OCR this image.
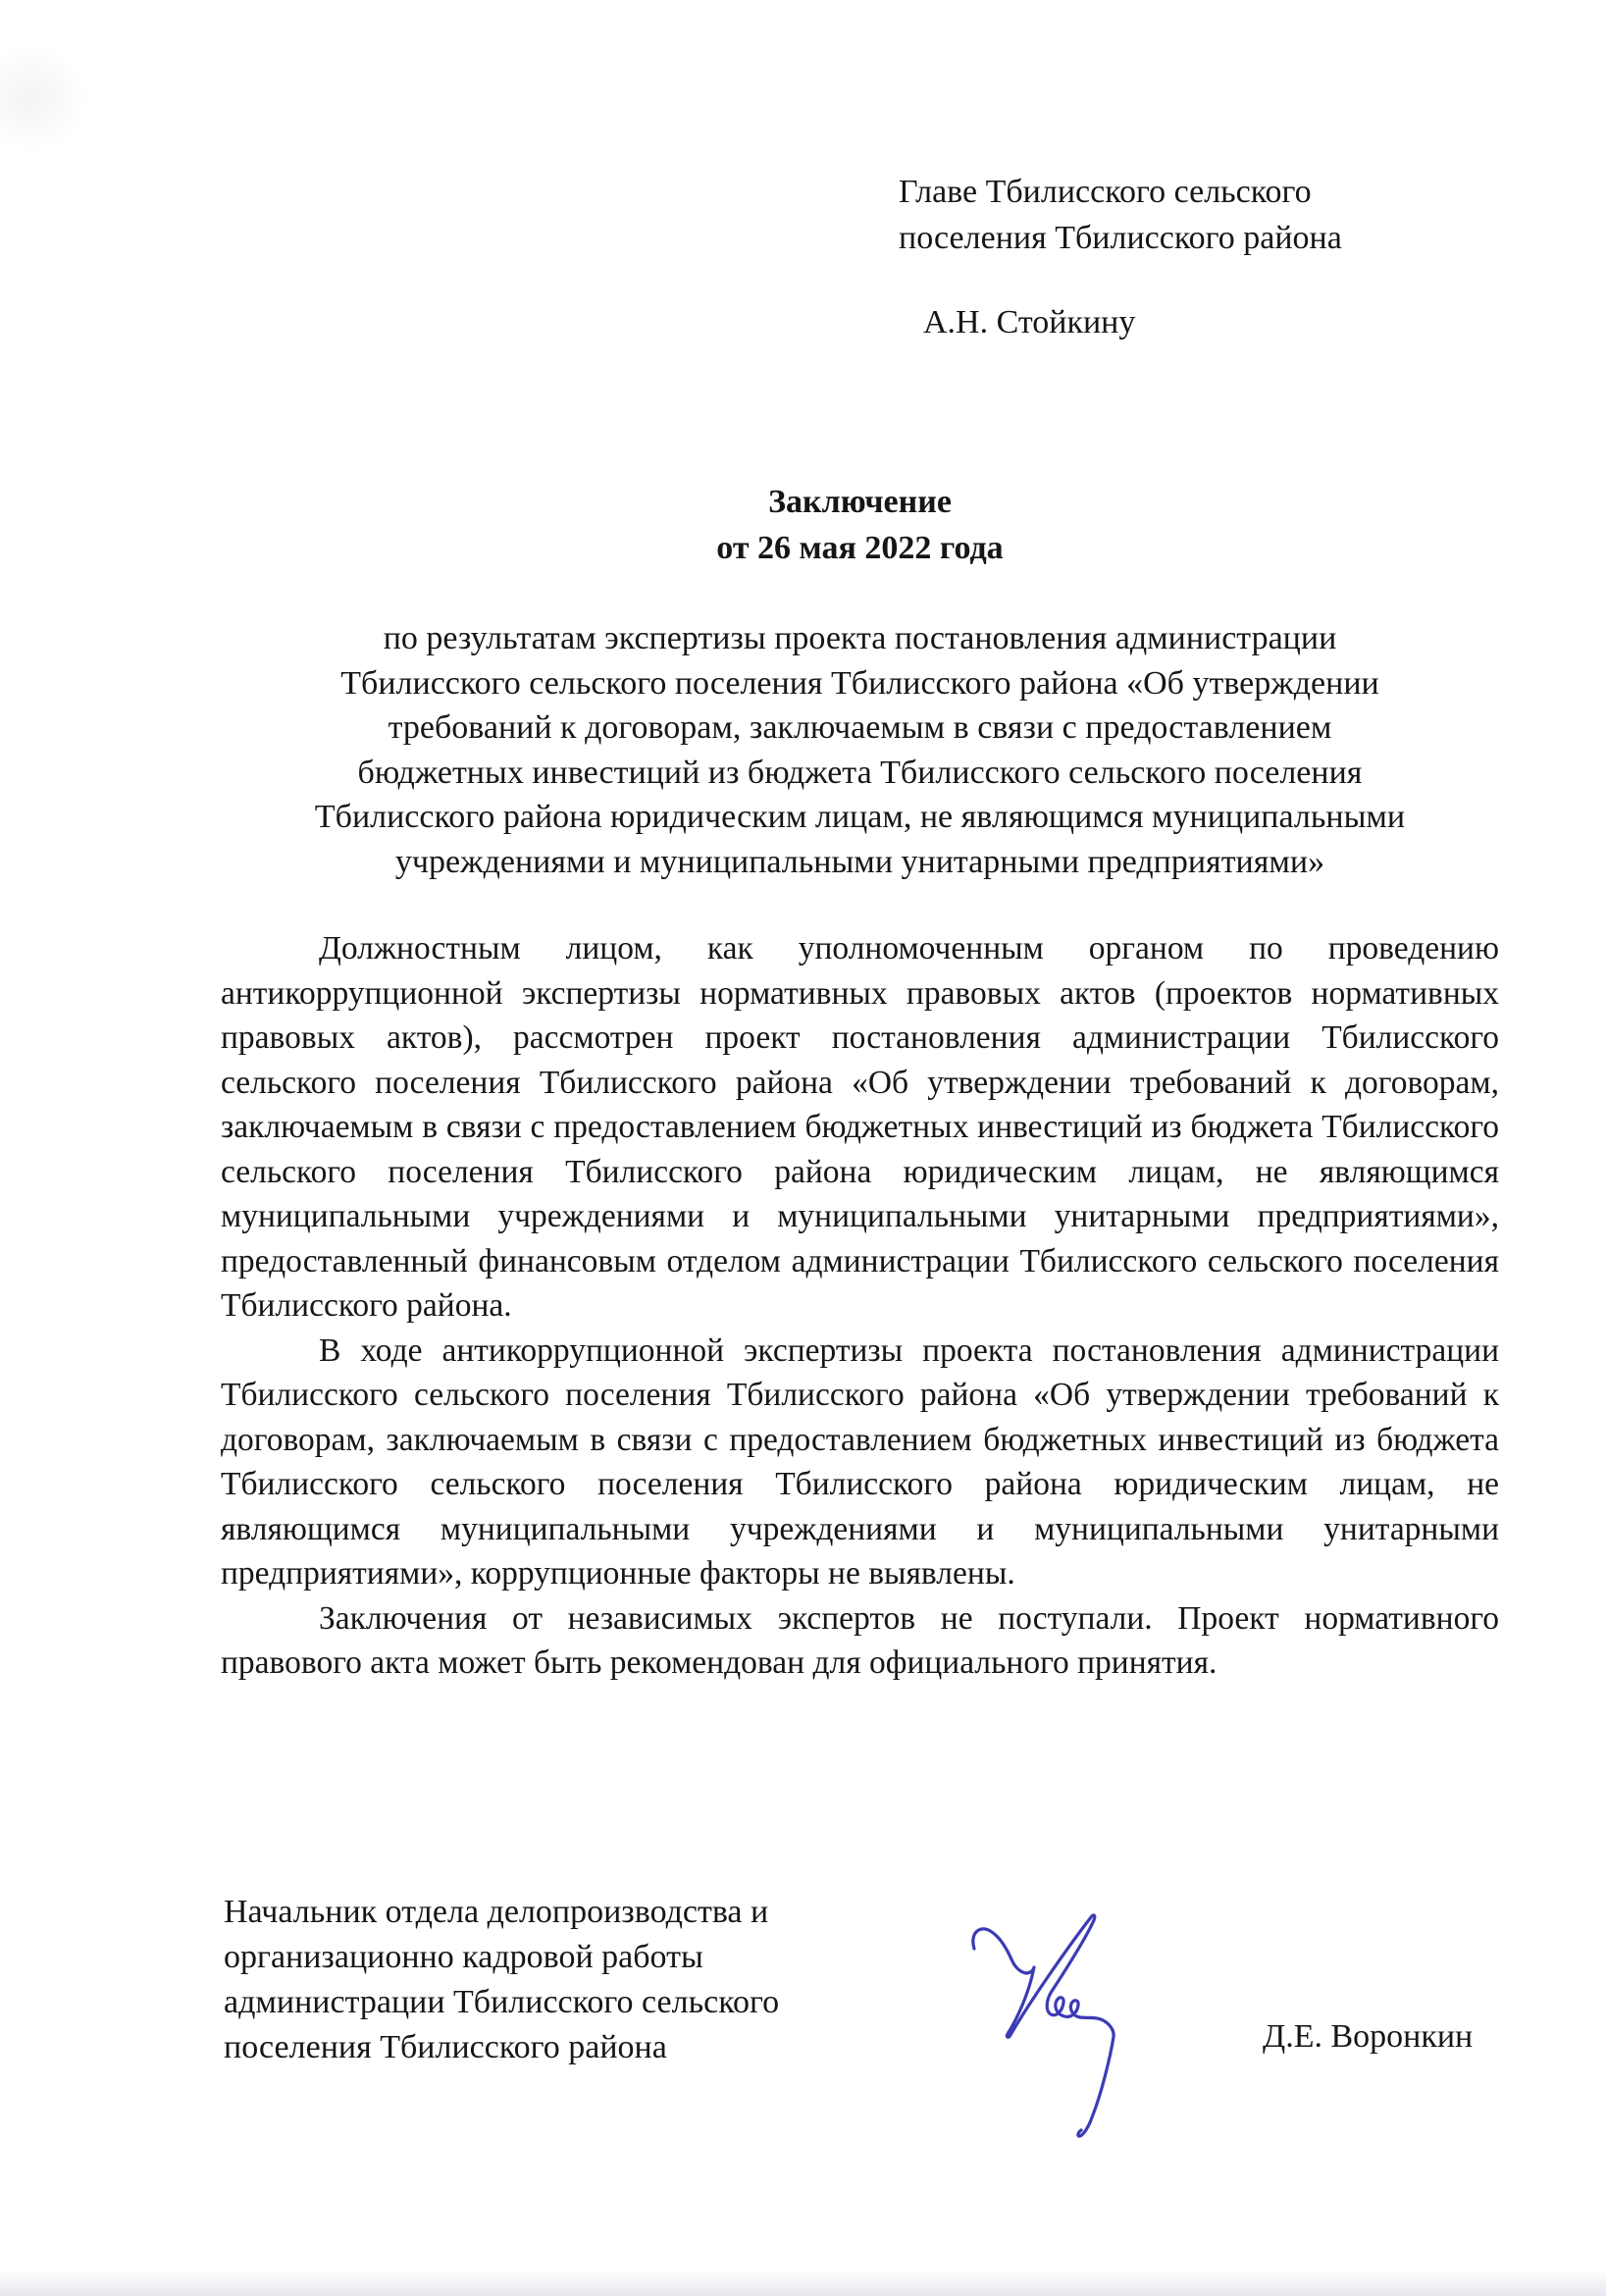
Главе Тбилисского сельского
поселения Тбилисского района
А.Н. Стойкину
Заключение
от 26 мая 2022 года
по результатам экспертизы проекта постановления администрации
Тбилисского сельского поселения Тбилисского района «Об утверждении
требований к договорам, заключаемым в связи с предоставлением
бюджетных инвестиций из бюджета Тбилисского сельского поселения
Тбилисского района юридическим лицам, не являющимся муниципальными
учреждениями и муниципальными унитарными предприятиями»

Должностным лицом, как уполномоченным органом по проведению антикоррупционной экспертизы нормативных правовых актов (проектов нормативных правовых актов), рассмотрен проект постановления администрации Тбилисского сельского поселения Тбилисского района «Об утверждении требований к договорам, заключаемым в связи с предоставлением бюджетных инвестиций из бюджета Тбилисского сельского поселения Тбилисского района юридическим лицам, не являющимся муниципальными учреждениями и муниципальными унитарными предприятиями», предоставленный финансовым отделом администрации Тбилисского сельского поселения Тбилисского района.

В ходе антикоррупционной экспертизы проекта постановления администрации Тбилисского сельского поселения Тбилисского района «Об утверждении требований к договорам, заключаемым в связи с предоставлением бюджетных инвестиций из бюджета Тбилисского сельского поселения Тбилисского района юридическим лицам, не являющимся муниципальными учреждениями и муниципальными унитарными предприятиями», коррупционные факторы не выявлены.

Заключения от независимых экспертов не поступали. Проект нормативного правового акта может быть рекомендован для официального принятия.

Начальник отдела делопроизводства и
организационно кадровой работы
администрации Тбилисского сельского
поселения Тбилисского района	Д.Е. Воронкин
